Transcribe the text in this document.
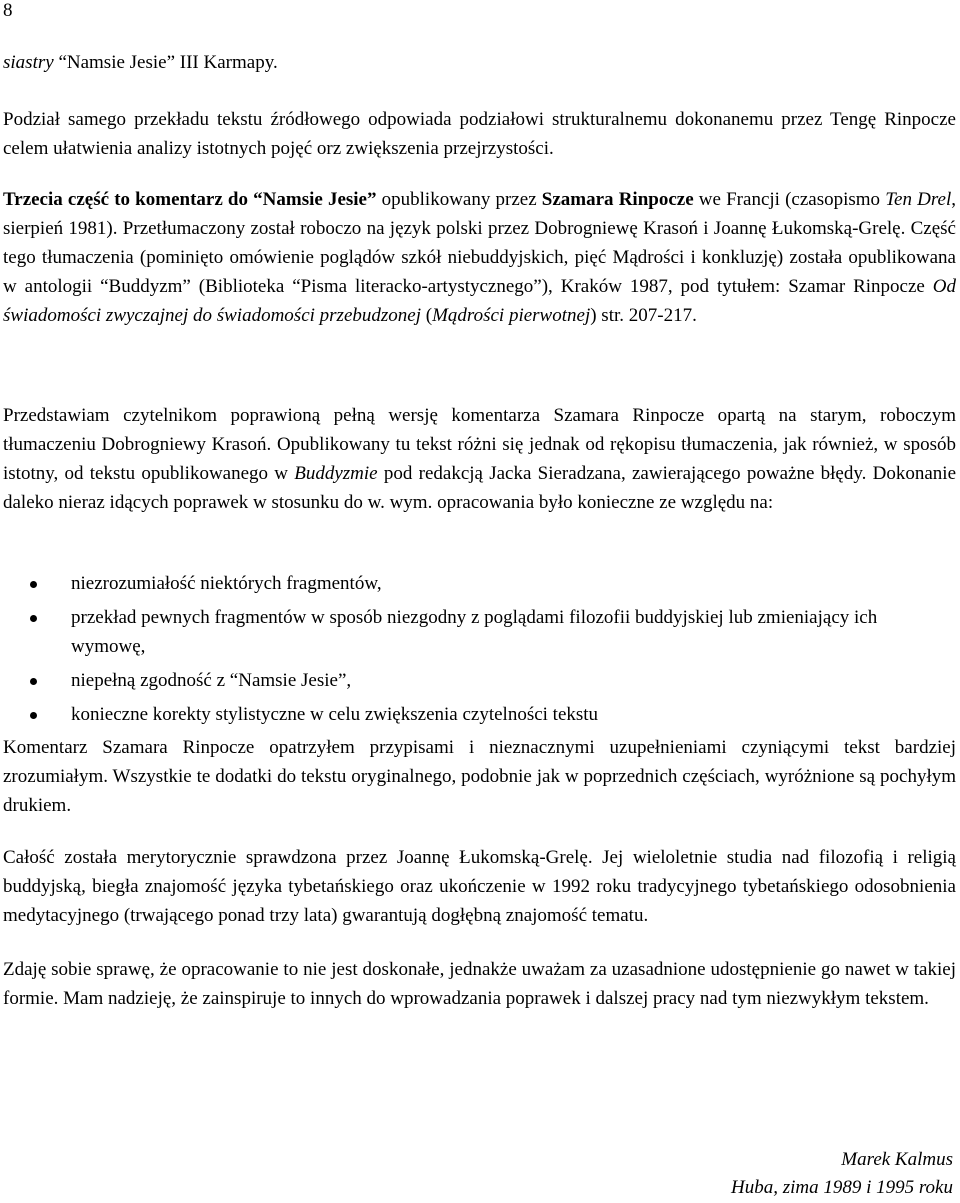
8

siastry “Namsie Jesie” III Karmapy.

Podział samego przekładu tekstu źródłowego odpowiada podziałowi strukturalnemu dokonanemu przez Tengę Rinpocze celem ułatwienia analizy istotnych pojęć orz zwiększenia przejrzystości.

Trzecia część to komentarz do “Namsie Jesie” opublikowany przez Szamara Rinpocze we Francji (czasopismo Ten Drel, sierpień 1981). Przetłumaczony został roboczo na język polski przez Dobrogniewę Krasoń i Joannę Łukomską-Grelę. Część tego tłumaczenia (pominięto omówienie poglądów szkół niebuddyjskich, pięć Mądrości i konkluzję) została opublikowana w antologii “Buddyzm” (Biblioteka “Pisma literacko-artystycznego”), Kraków 1987, pod tytułem: Szamar Rinpocze Od świadomości zwyczajnej do świadomości przebudzonej (Mądrości pierwotnej) str. 207-217.

Przedstawiam czytelnikom poprawioną pełną wersję komentarza Szamara Rinpocze opartą na starym, roboczym tłumaczeniu Dobrogniewy Krasoń. Opublikowany tu tekst różni się jednak od rękopisu tłumaczenia, jak również, w sposób istotny, od tekstu opublikowanego w Buddyzmie pod redakcją Jacka Sieradzana, zawierającego poważne błędy. Dokonanie daleko nieraz idących poprawek w stosunku do w. wym. opracowania było konieczne ze względu na:

niezrozumiałość niektórych fragmentów,
przekład pewnych fragmentów w sposób niezgodny z poglądami filozofii buddyjskiej lub zmieniający ich wymowę,
niepełną zgodność z “Namsie Jesie”,
konieczne korekty stylistyczne w celu zwiększenia czytelności tekstu

Komentarz Szamara Rinpocze opatrzyłem przypisami i nieznacznymi uzupełnieniami czyniącymi tekst bardziej zrozumiałym. Wszystkie te dodatki do tekstu oryginalnego, podobnie jak w poprzednich częściach, wyróżnione są pochyłym drukiem.

Całość została merytorycznie sprawdzona przez Joannę Łukomską-Grelę. Jej wieloletnie studia nad filozofią i religią buddyjską, biegła znajomość języka tybetańskiego oraz ukończenie w 1992 roku tradycyjnego tybetańskiego odosobnienia medytacyjnego (trwającego ponad trzy lata) gwarantują dogłębną znajomość tematu.

Zdaję sobie sprawę, że opracowanie to nie jest doskonałe, jednakże uważam za uzasadnione udostępnienie go nawet w takiej formie. Mam nadzieję, że zainspiruje to innych do wprowadzania poprawek i dalszej pracy nad tym niezwykłym tekstem.

Marek Kalmus
Huba, zima 1989 i 1995 roku
